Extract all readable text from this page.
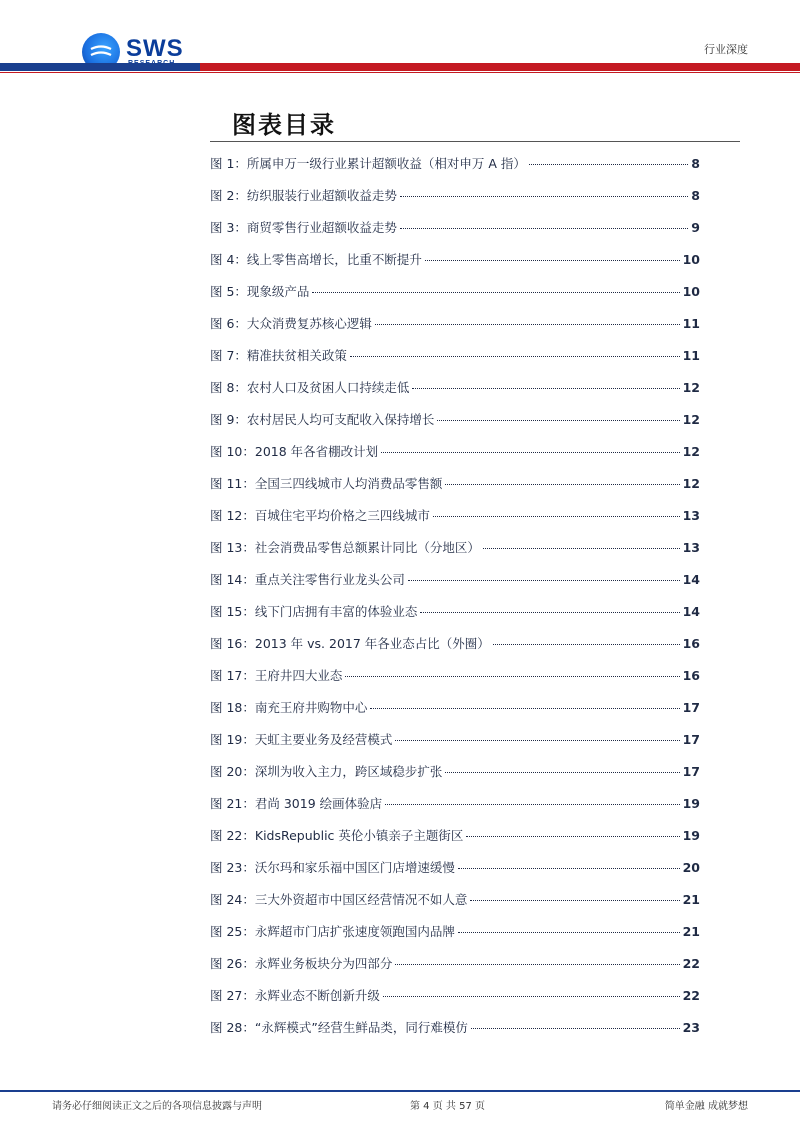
SWS	行业深度
图表目录
图 1：所属申万一级行业累计超额收益（相对申万 A 指）	8
图 2：纺织服装行业超额收益走势	8
图 3：商贸零售行业超额收益走势	9
图 4：线上零售高增长，比重不断提升	10
图 5：现象级产品	10
图 6：大众消费复苏核心逻辑	11
图 7：精准扶贫相关政策	11
图 8：农村人口及贫困人口持续走低	12
图 9：农村居民人均可支配收入保持增长	12
图 10：2018 年各省棚改计划	12
图 11：全国三四线城市人均消费品零售额	12
图 12：百城住宅平均价格之三四线城市	13
图 13：社会消费品零售总额累计同比（分地区）	13
图 14：重点关注零售行业龙头公司	14
图 15：线下门店拥有丰富的体验业态	14
图 16：2013 年 vs. 2017 年各业态占比（外圈）	16
图 17：王府井四大业态	16
图 18：南充王府井购物中心	17
图 19：天虹主要业务及经营模式	17
图 20：深圳为收入主力，跨区域稳步扩张	17
图 21：君尚 3019 绘画体验店	19
图 22：KidsRepublic 英伦小镇亲子主题街区	19
图 23：沃尔玛和家乐福中国区门店增速缓慢	20
图 24：三大外资超市中国区经营情况不如人意	21
图 25：永辉超市门店扩张速度领跑国内品牌	21
图 26：永辉业务板块分为四部分	22
图 27：永辉业态不断创新升级	22
图 28：“永辉模式”经营生鲜品类，同行难模仿	23
请务必仔细阅读正文之后的各项信息披露与声明	第 4 页 共 57 页	简单金融 成就梦想
